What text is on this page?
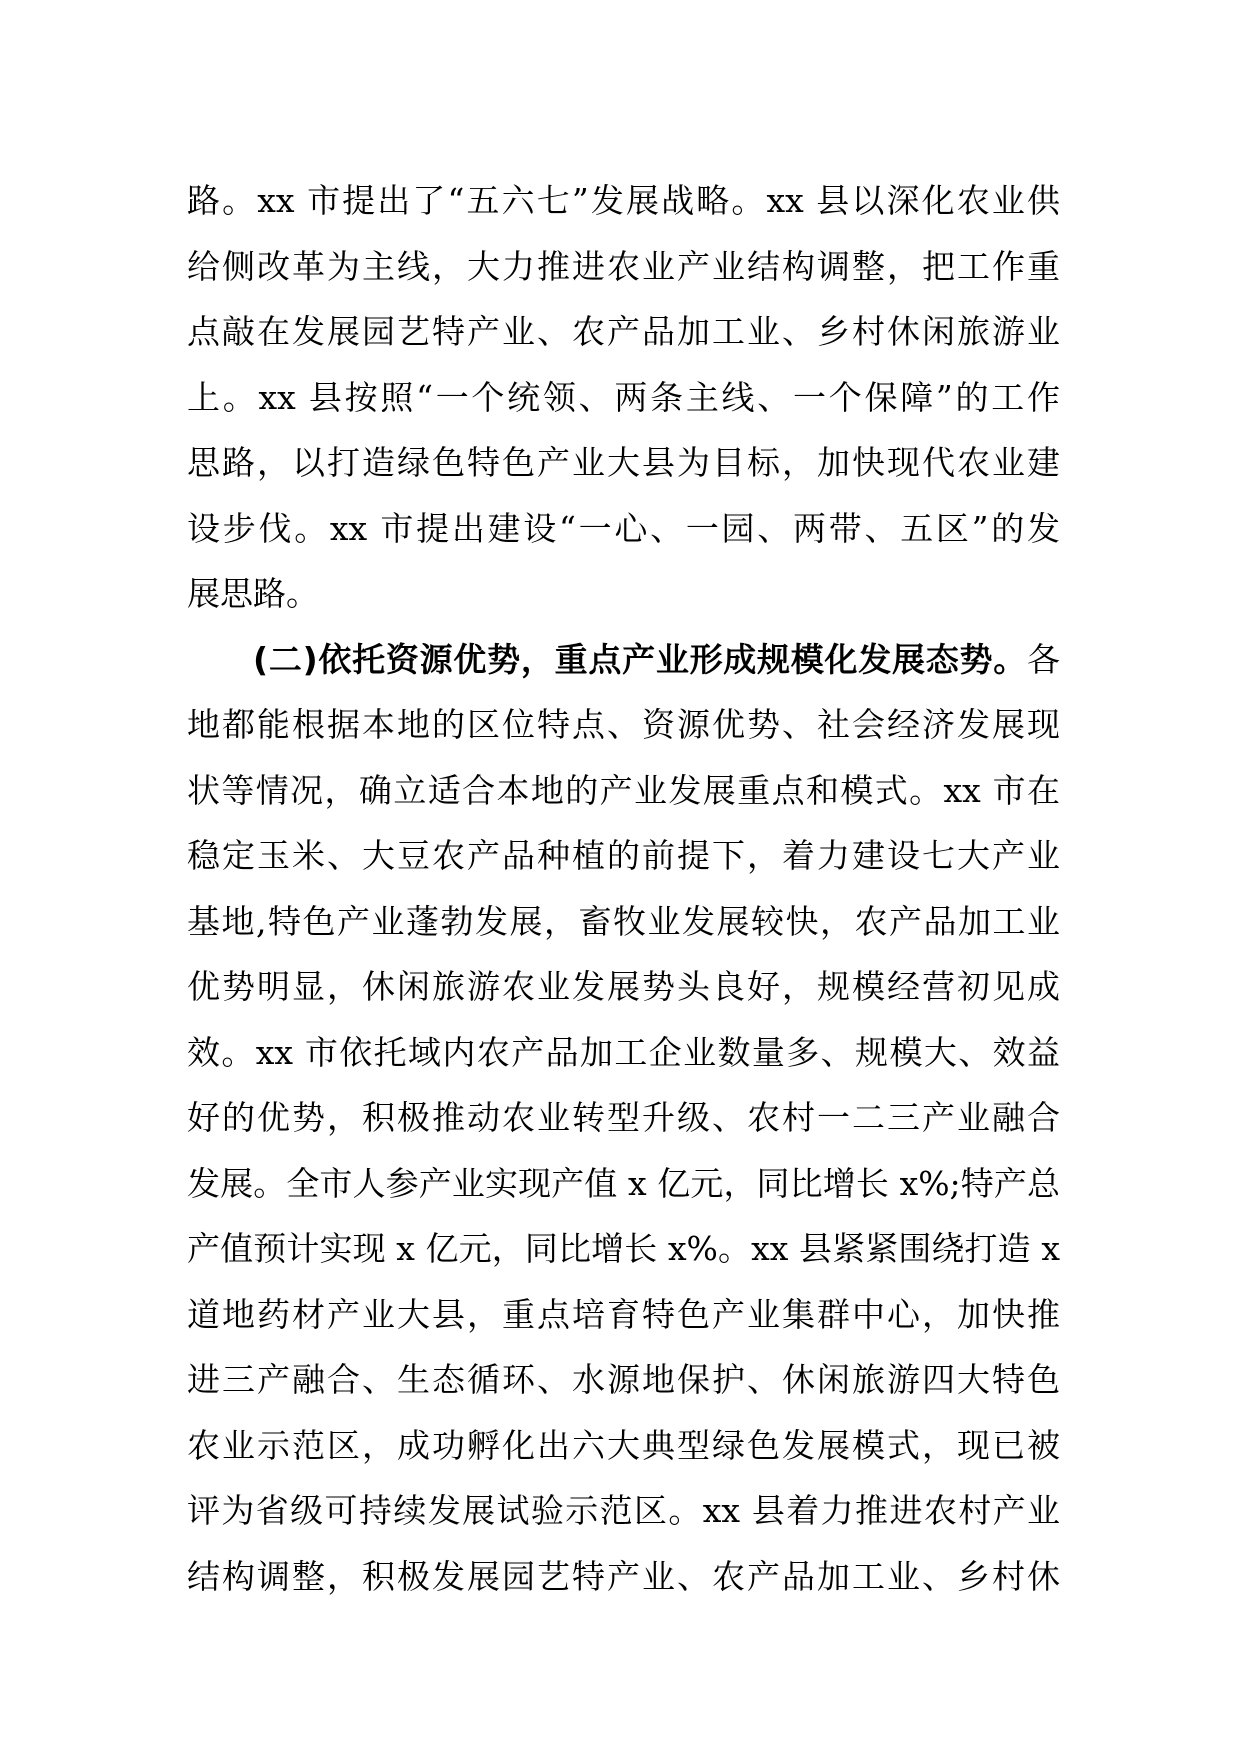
路。xx 市提出了“五六七”发展战略。xx 县以深化农业供
给侧改革为主线，大力推进农业产业结构调整，把工作重
点敲在发展园艺特产业、农产品加工业、乡村休闲旅游业
上。xx 县按照“一个统领、两条主线、一个保障”的工作
思路，以打造绿色特色产业大县为目标，加快现代农业建
设步伐。xx 市提出建设“一心、一园、两带、五区”的发
展思路。
(二)依托资源优势，重点产业形成规模化发展态势。各
地都能根据本地的区位特点、资源优势、社会经济发展现
状等情况，确立适合本地的产业发展重点和模式。xx 市在
稳定玉米、大豆农产品种植的前提下，着力建设七大产业
基地,特色产业蓬勃发展，畜牧业发展较快，农产品加工业
优势明显，休闲旅游农业发展势头良好，规模经营初见成
效。xx 市依托域内农产品加工企业数量多、规模大、效益
好的优势，积极推动农业转型升级、农村一二三产业融合
发展。全市人参产业实现产值 x 亿元，同比增长 x%;特产总
产值预计实现 x 亿元，同比增长 x%。xx 县紧紧围绕打造 x
道地药材产业大县，重点培育特色产业集群中心，加快推
进三产融合、生态循环、水源地保护、休闲旅游四大特色
农业示范区，成功孵化出六大典型绿色发展模式，现已被
评为省级可持续发展试验示范区。xx 县着力推进农村产业
结构调整，积极发展园艺特产业、农产品加工业、乡村休
